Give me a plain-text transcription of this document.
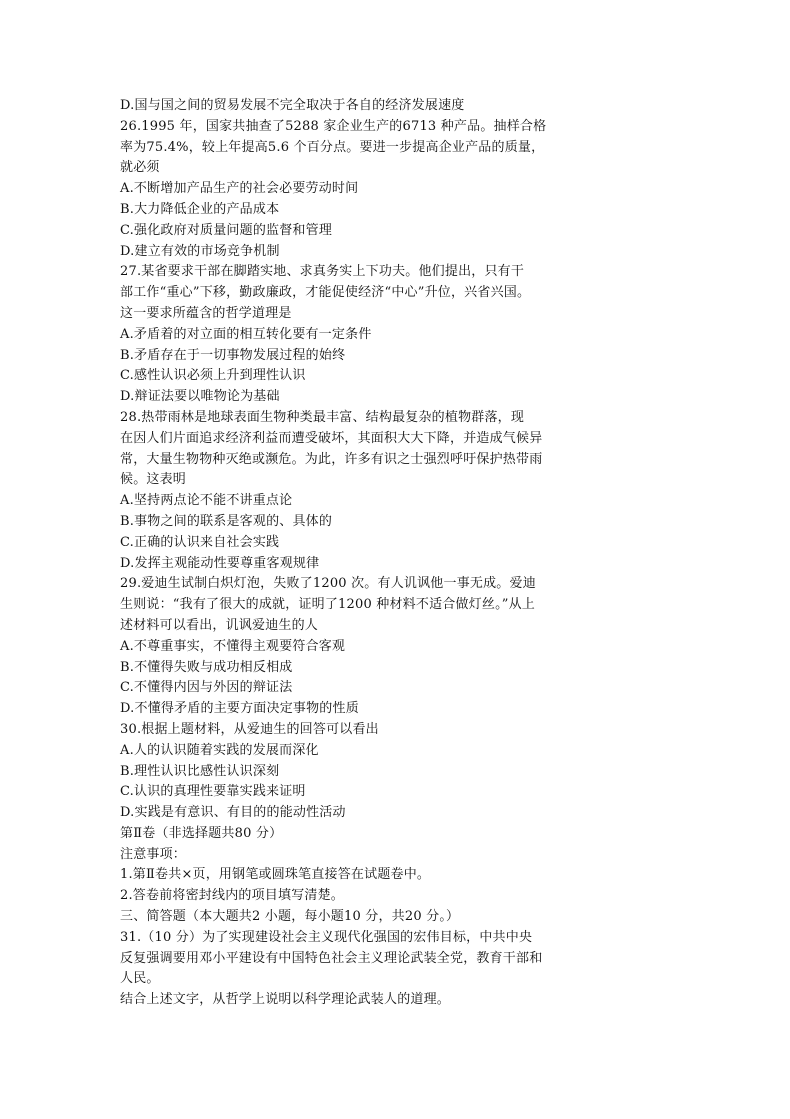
D.国与国之间的贸易发展不完全取决于各自的经济发展速度
26.1995 年，国家共抽查了5288 家企业生产的6713 种产品。抽样合格
率为75.4%，较上年提高5.6 个百分点。要进一步提高企业产品的质量，
就必须
A.不断增加产品生产的社会必要劳动时间
B.大力降低企业的产品成本
C.强化政府对质量问题的监督和管理
D.建立有效的市场竞争机制
27.某省要求干部在脚踏实地、求真务实上下功夫。他们提出，只有干
部工作“重心”下移，勤政廉政，才能促使经济“中心”升位，兴省兴国。
这一要求所蕴含的哲学道理是
A.矛盾着的对立面的相互转化要有一定条件
B.矛盾存在于一切事物发展过程的始终
C.感性认识必须上升到理性认识
D.辩证法要以唯物论为基础
28.热带雨林是地球表面生物种类最丰富、结构最复杂的植物群落，现
在因人们片面追求经济利益而遭受破坏，其面积大大下降，并造成气候异
常，大量生物物种灭绝或濒危。为此，许多有识之士强烈呼吁保护热带雨
候。这表明
A.坚持两点论不能不讲重点论
B.事物之间的联系是客观的、具体的
C.正确的认识来自社会实践
D.发挥主观能动性要尊重客观规律
29.爱迪生试制白炽灯泡，失败了1200 次。有人讥讽他一事无成。爱迪
生则说：“我有了很大的成就，证明了1200 种材料不适合做灯丝。”从上
述材料可以看出，讥讽爱迪生的人
A.不尊重事实，不懂得主观要符合客观
B.不懂得失败与成功相反相成
C.不懂得内因与外因的辩证法
D.不懂得矛盾的主要方面决定事物的性质
30.根据上题材料，从爱迪生的回答可以看出
A.人的认识随着实践的发展而深化
B.理性认识比感性认识深刻
C.认识的真理性要靠实践来证明
D.实践是有意识、有目的的能动性活动
第Ⅱ卷（非选择题共80 分）
注意事项：
1.第Ⅱ卷共×页，用钢笔或圆珠笔直接答在试题卷中。
2.答卷前将密封线内的项目填写清楚。
三、简答题（本大题共2 小题，每小题10 分，共20 分。）
31.（10 分）为了实现建设社会主义现代化强国的宏伟目标，中共中央
反复强调要用邓小平建设有中国特色社会主义理论武装全党，教育干部和
人民。
结合上述文字，从哲学上说明以科学理论武装人的道理。
